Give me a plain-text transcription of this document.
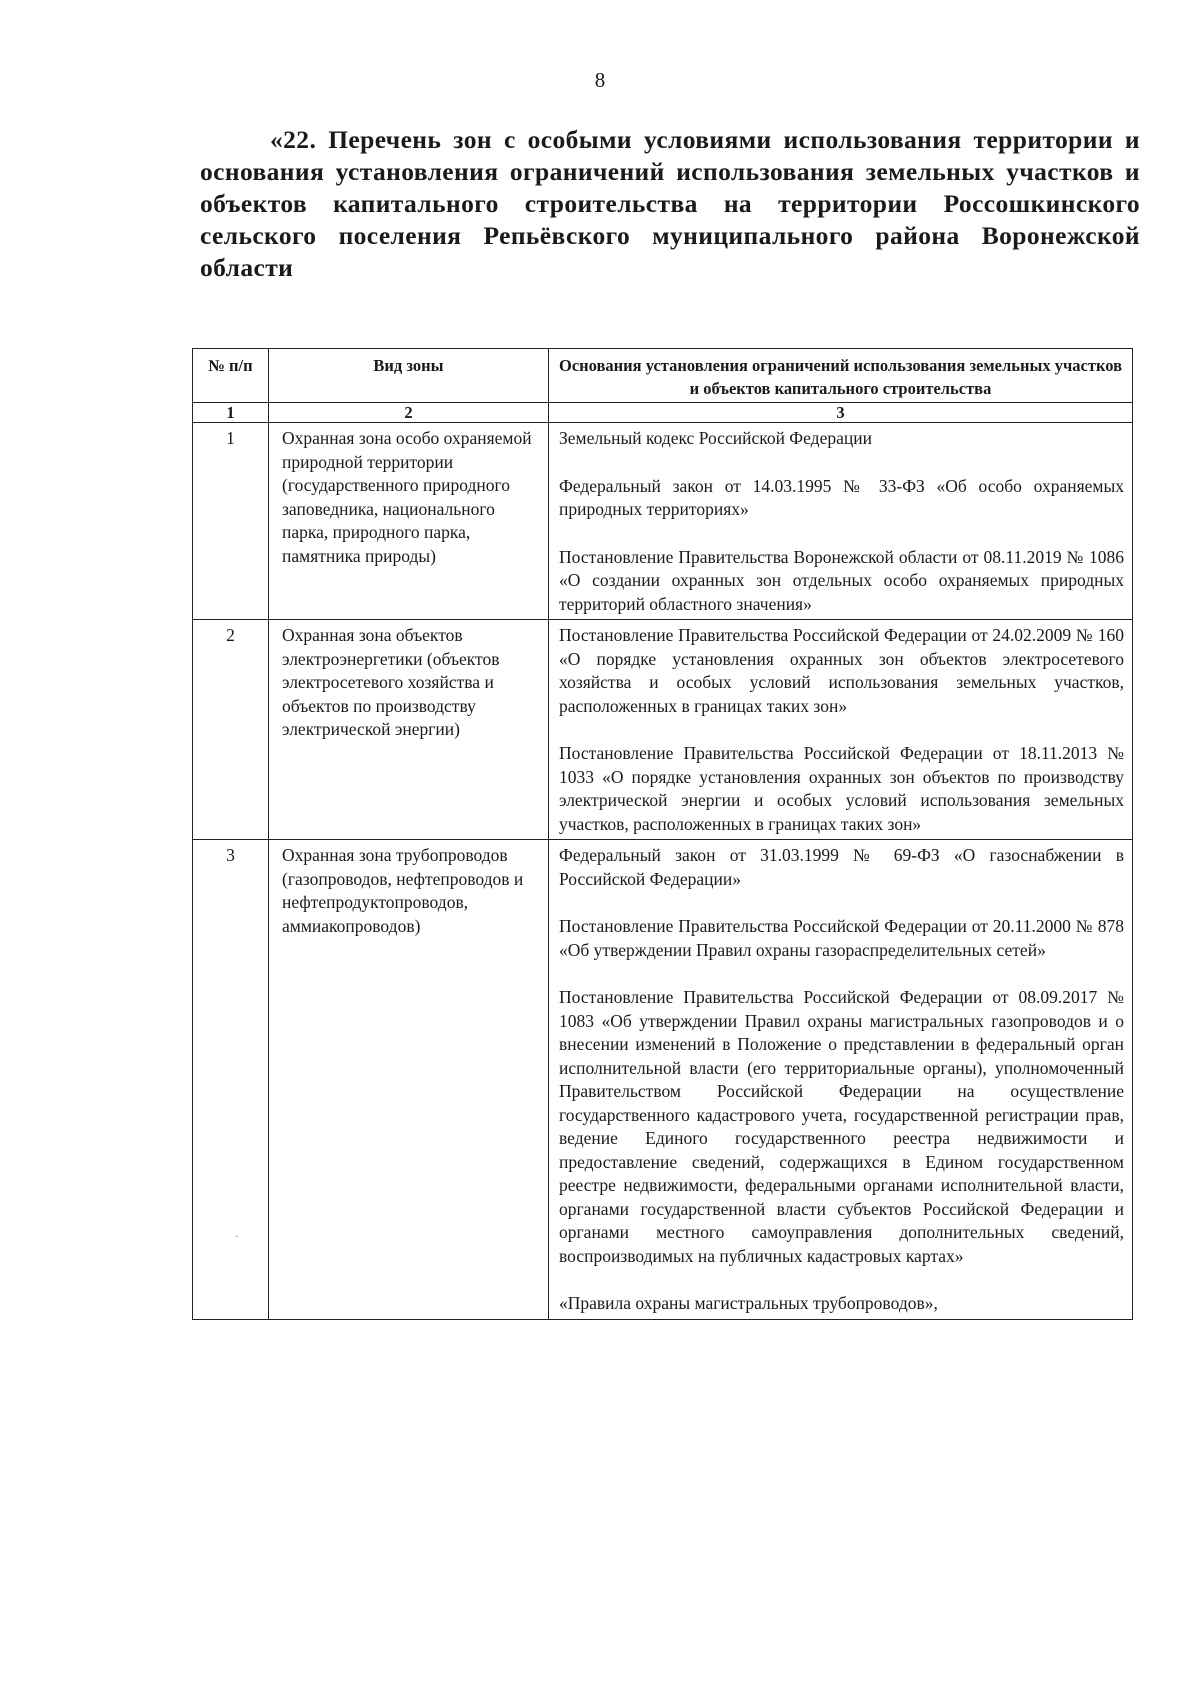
8
«22. Перечень зон с особыми условиями использования территории и основания установления ограничений использования земельных участков и объектов капитального строительства на территории Россошкинского сельского поселения Репьёвского муниципального района Воронежской области
№ п/п	Вид зоны	Основания установления ограничений использования земельных участков и объектов капитального строительства
1	2	3
1	Охранная зона особо охраняемой природной территории (государственного природного заповедника, национального парка, природного парка, памятника природы)	Земельный кодекс Российской Федерации

Федеральный закон от 14.03.1995 № 33-ФЗ «Об особо охраняемых природных территориях»

Постановление Правительства Воронежской области от 08.11.2019 № 1086 «О создании охранных зон отдельных особо охраняемых природных территорий областного значения»

2	Охранная зона объектов электроэнергетики (объектов электросетевого хозяйства и объектов по производству электрической энергии)	Постановление Правительства Российской Федерации от 24.02.2009 № 160 «О порядке установления охранных зон объектов электросетевого хозяйства и особых условий использования земельных участков, расположенных в границах таких зон»

Постановление Правительства Российской Федерации от 18.11.2013 № 1033 «О порядке установления охранных зон объектов по производству электрической энергии и особых условий использования земельных участков, расположенных в границах таких зон»

3	Охранная зона трубопроводов (газопроводов, нефтепроводов и нефтепродуктопроводов, аммиакопроводов)	Федеральный закон от 31.03.1999 № 69-ФЗ «О газоснабжении в Российской Федерации»

Постановление Правительства Российской Федерации от 20.11.2000 № 878 «Об утверждении Правил охраны газораспределительных сетей»

Постановление Правительства Российской Федерации от 08.09.2017 № 1083 «Об утверждении Правил охраны магистральных газопроводов и о внесении изменений в Положение о представлении в федеральный орган исполнительной власти (его территориальные органы), уполномоченный Правительством Российской Федерации на осуществление государственного кадастрового учета, государственной регистрации прав, ведение Единого государственного реестра недвижимости и предоставление сведений, содержащихся в Едином государственном реестре недвижимости, федеральными органами исполнительной власти, органами государственной власти субъектов Российской Федерации и органами местного самоуправления дополнительных сведений, воспроизводимых на публичных кадастровых картах»

«Правила охраны магистральных трубопроводов»,

·
